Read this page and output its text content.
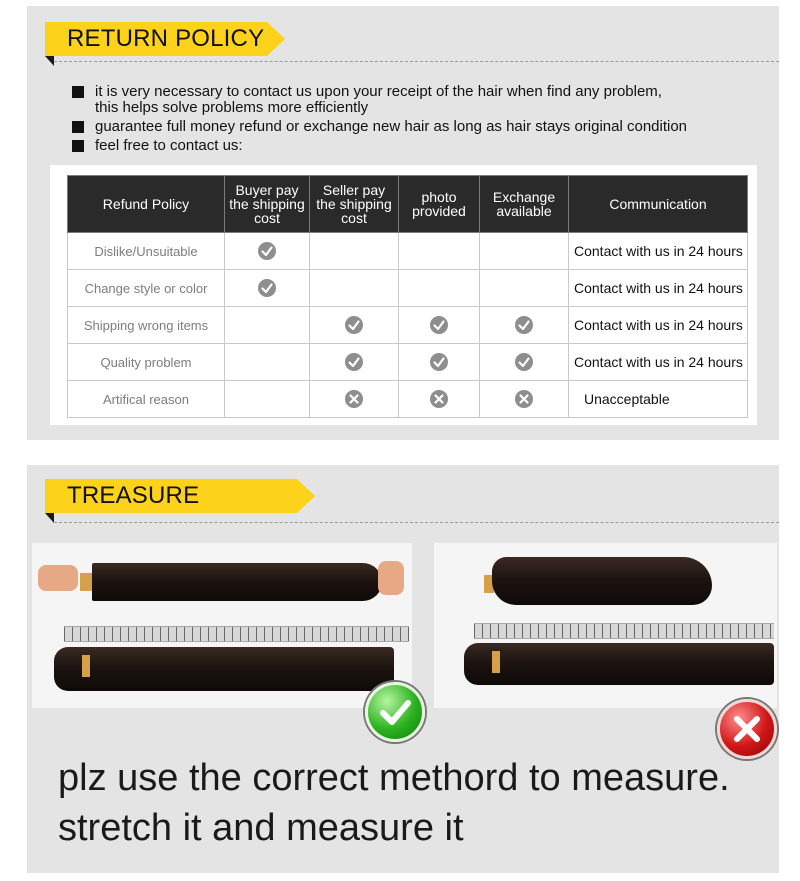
RETURN POLICY
it is very necessary to contact us upon your receipt of the hair when find any problem,
this helps solve problems more efficiently
guarantee full money refund or exchange new hair as long as hair stays original condition
feel free to contact us:
Refund Policy	Buyer pay the shipping cost	Seller pay the shipping cost	photo provided	Exchange available	Communication
Dislike/Unsuitable					Contact with us in 24 hours
Change style or color					Contact with us in 24 hours
Shipping wrong items					Contact with us in 24 hours
Quality problem					Contact with us in 24 hours
Artifical reason					Unacceptable
TREASURE
plz use the correct methord to measure.
stretch it and measure it
